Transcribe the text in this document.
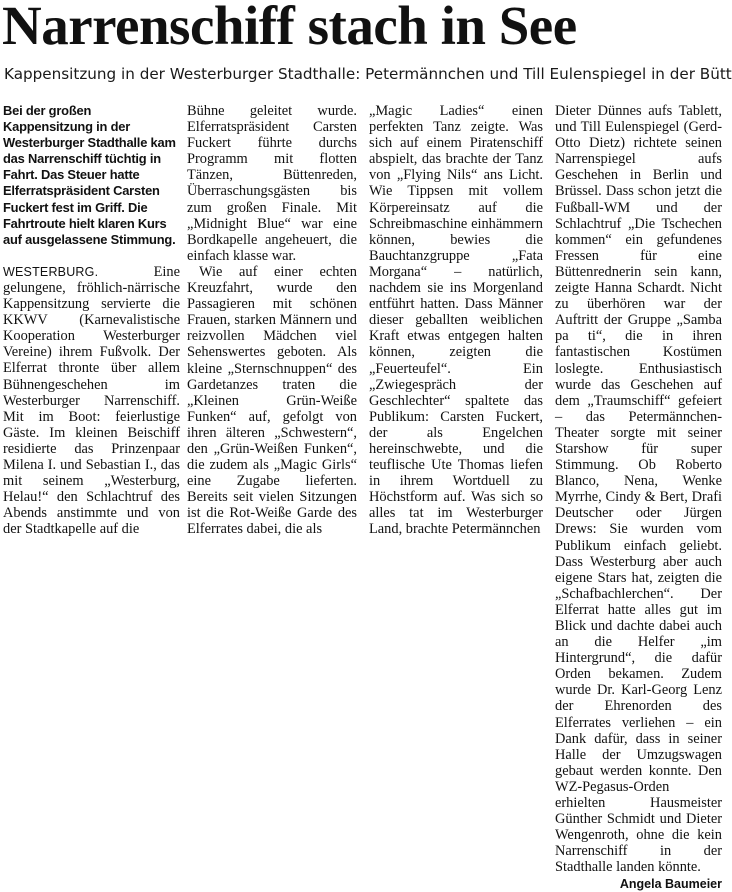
Narrenschiff stach in See

Kappensitzung in der Westerburger Stadthalle: Petermännchen und Till Eulenspiegel in der Bütt

Bei der großen Kappensitzung in der Westerburger Stadthalle kam das Narrenschiff tüchtig in Fahrt. Das Steuer hatte Elferratspräsident Carsten Fuckert fest im Griff. Die Fahrtroute hielt klaren Kurs auf ausgelassene Stimmung.

WESTERBURG.	Eine gelungene, fröhlich-närrische Kappensitzung servierte die KKWV (Karnevalistische Kooperation Westerburger Vereine) ihrem Fußvolk. Der Elferrat thronte über allem Bühnengeschehen im Westerburger Narrenschiff. Mit im Boot: feierlustige Gäste. Im kleinen Beischiff residierte das Prinzenpaar Milena I. und Sebastian I., das mit seinem „Westerburg, Helau!“ den Schlachtruf des Abends anstimmte und von der Stadtkapelle auf die

Bühne geleitet wurde. Elferratspräsident Carsten Fuckert führte durchs Programm mit flotten Tänzen, Büttenreden, Überraschungsgästen bis zum großen Finale. Mit „Midnight Blue“ war eine Bordkapelle angeheuert, die einfach klasse war.

Wie auf einer echten Kreuzfahrt, wurde den Passagieren mit schönen Frauen, starken Männern und reizvollen Mädchen viel Sehenswertes geboten. Als kleine „Sternschnuppen“ des Gardetanzes traten die „Kleinen Grün-Weiße Funken“ auf, gefolgt von ihren älteren „Schwestern“, den „Grün-Weißen Funken“, die zudem als „Magic Girls“ eine Zugabe lieferten. Bereits seit vielen Sitzungen ist die Rot-Weiße Garde des Elferrates dabei, die als

„Magic Ladies“ einen perfekten Tanz zeigte. Was sich auf einem Piratenschiff abspielt, das brachte der Tanz von „Flying Nils“ ans Licht. Wie Tippsen mit vollem Körpereinsatz auf die Schreibmaschine einhämmern können, bewies die Bauchtanzgruppe „Fata Morgana“ – natürlich, nachdem sie ins Morgenland entführt hatten. Dass Männer dieser geballten weiblichen Kraft etwas entgegen halten können, zeigten die „Feuerteufel“. Ein „Zwiegespräch der Geschlechter“ spaltete das Publikum: Carsten Fuckert, der als Engelchen hereinschwebte, und die teuflische Ute Thomas liefen in ihrem Wortduell zu Höchstform auf. Was sich so alles tat im Westerburger Land, brachte Petermännchen

Dieter Dünnes aufs Tablett, und Till Eulenspiegel (Gerd-Otto Dietz) richtete seinen Narrenspiegel aufs Geschehen in Berlin und Brüssel. Dass schon jetzt die Fußball-WM und der Schlachtruf „Die Tschechen kommen“ ein gefundenes Fressen für eine Büttenrednerin sein kann, zeigte Hanna Schardt. Nicht zu überhören war der Auftritt der Gruppe „Samba pa ti“, die in ihren fantastischen Kostümen loslegte. Enthusiastisch wurde das Geschehen auf dem „Traumschiff“ gefeiert – das Petermännchen-Theater sorgte mit seiner Starshow für super Stimmung. Ob Roberto Blanco, Nena, Wenke Myrrhe, Cindy & Bert, Drafi Deutscher oder Jürgen Drews: Sie wurden vom Publikum einfach geliebt. Dass Westerburg aber auch eigene Stars hat, zeigten die „Schafbachlerchen“. Der Elferrat hatte alles gut im Blick und dachte dabei auch an die Helfer „im Hintergrund“, die dafür Orden bekamen. Zudem wurde Dr. Karl-Georg Lenz der Ehrenorden des Elferrates verliehen – ein Dank dafür, dass in seiner Halle der Umzugswagen gebaut werden konnte. Den WZ-Pegasus-Orden erhielten Hausmeister Günther Schmidt und Dieter Wengenroth, ohne die kein Narrenschiff in der Stadthalle landen könnte.
Angela Baumeier
